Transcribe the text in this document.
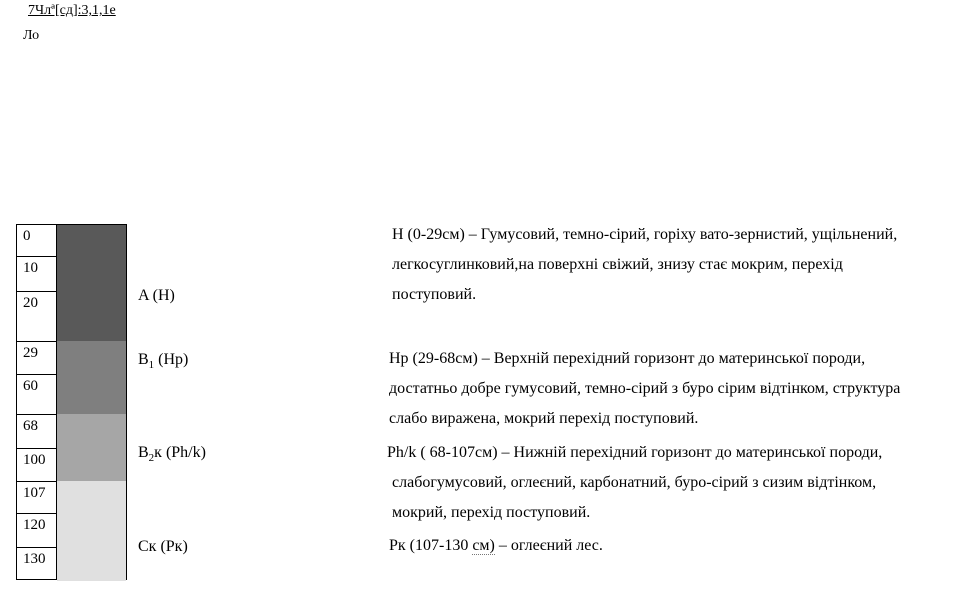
7Члª[сд]:3,1,1е
Ло
0
10
20
29
60
68
100
107
120
130
A (H)
$B_1$ (Hp)
$B_2к$ (Ph/k)
Ск (Pк)
H (0-29см) – Гумусовий, темно-сірий, горіху вато-зернистий, ущільнений,
легкосуглинковий,на поверхні свіжий, знизу стає мокрим, перехід
поступовий.
Hp (29-68см) – Верхній перехідний горизонт до материнської породи,
достатньо добре гумусовий, темно-сірий з буро сірим відтінком, структура
слабо виражена, мокрий перехід поступовий.
Ph/k ( 68-107см) – Нижній перехідний горизонт до материнської породи,
слабогумусовий, оглеєний, карбонатний, буро-сірий з сизим відтінком,
мокрий, перехід поступовий.
Pк (107-130 см) – оглеєний лес.
